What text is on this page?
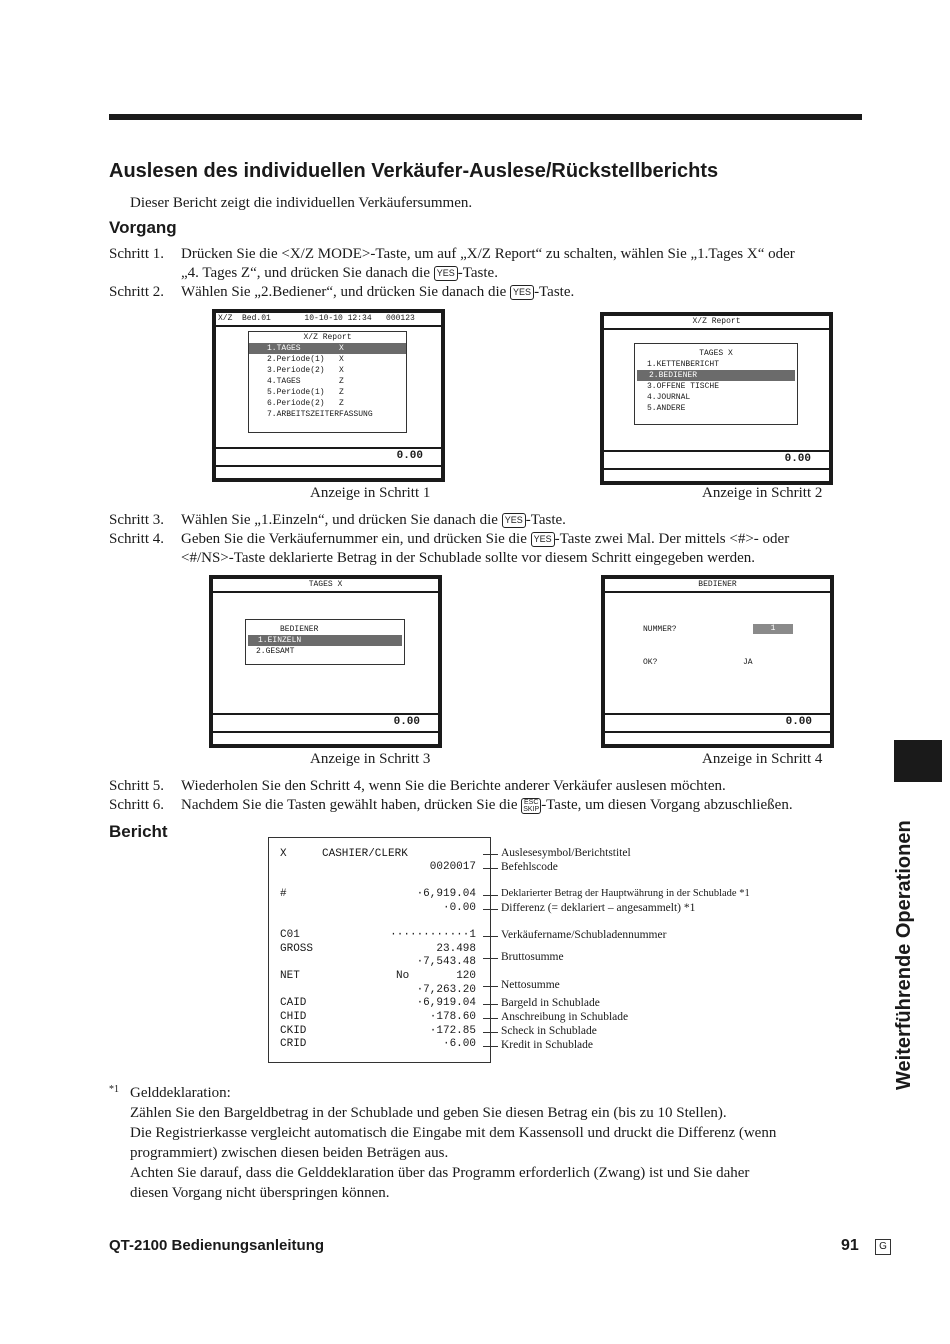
Auslesen des individuellen Verkäufer-Auslese/Rückstellberichts
Dieser Bericht zeigt die individuellen Verkäufersummen.
Vorgang
Schritt 1. Drücken Sie die <X/Z MODE>-Taste, um auf „X/Z Report“ zu schalten, wählen Sie „1.Tages X“ oder
„4. Tages Z“, und drücken Sie danach die YES -Taste.
Schritt 2. Wählen Sie „2.Bediener“, und drücken Sie danach die YES -Taste.
X/Z  Bed.01       10-10-10 12:34   000123
X/Z Report
1.TAGES        X
2.Periode(1)   X
3.Periode(2)   X
4.TAGES        Z
5.Periode(1)   Z
6.Periode(2)   Z
7.ARBEITSZEITERFASSUNG
0.00
Anzeige in Schritt 1
X/Z Report
TAGES X
1.KETTENBERICHT
2.BEDIENER
3.OFFENE TISCHE
4.JOURNAL
5.ANDERE
0.00
Anzeige in Schritt 2
Schritt 3. Wählen Sie „1.Einzeln“, und drücken Sie danach die YES -Taste.
Schritt 4. Geben Sie die Verkäufernummer ein, und drücken Sie die YES -Taste zwei Mal. Der mittels <#>- oder
<#/NS>-Taste deklarierte Betrag in der Schublade sollte vor diesem Schritt eingegeben werden.
TAGES X
BEDIENER
1.EINZELN
2.GESAMT
0.00
Anzeige in Schritt 3
BEDIENER
NUMMER?	1
OK?	JA
0.00
Anzeige in Schritt 4
Schritt 5. Wiederholen Sie den Schritt 4, wenn Sie die Berichte anderer Verkäufer auslesen möchten.
Schritt 6. Nachdem Sie die Tasten gewählt haben, drücken Sie die ESC
SKIP -Taste, um diesen Vorgang abzuschließen.
Bericht
X	CASHIER/CLERK
0020017
#	·6,919.04
·0.00
C01	············1
GROSS	23.498
·7,543.48
NET	No	120
·7,263.20
CAID	·6,919.04
CHID	·178.60
CKID	·172.85
CRID	·6.00
Auslesesymbol/Berichtstitel
Befehlscode
Deklarierter Betrag der Hauptwährung in der Schublade *1
Differenz (= deklariert – angesammelt) *1
Verkäufername/Schubladennummer
Bruttosumme
Nettosumme
Bargeld in Schublade
Anschreibung in Schublade
Scheck in Schublade
Kredit in Schublade
*1 Gelddeklaration:
Zählen Sie den Bargeldbetrag in der Schublade und geben Sie diesen Betrag ein (bis zu 10 Stellen).
Die Registrierkasse vergleicht automatisch die Eingabe mit dem Kassensoll und druckt die Differenz (wenn
programmiert) zwischen diesen beiden Beträgen aus.
Achten Sie darauf, dass die Gelddeklaration über das Programm erforderlich (Zwang) ist und Sie daher
diesen Vorgang nicht überspringen können.
Weiterführende Operationen
QT-2100 Bedienungsanleitung	91	G
